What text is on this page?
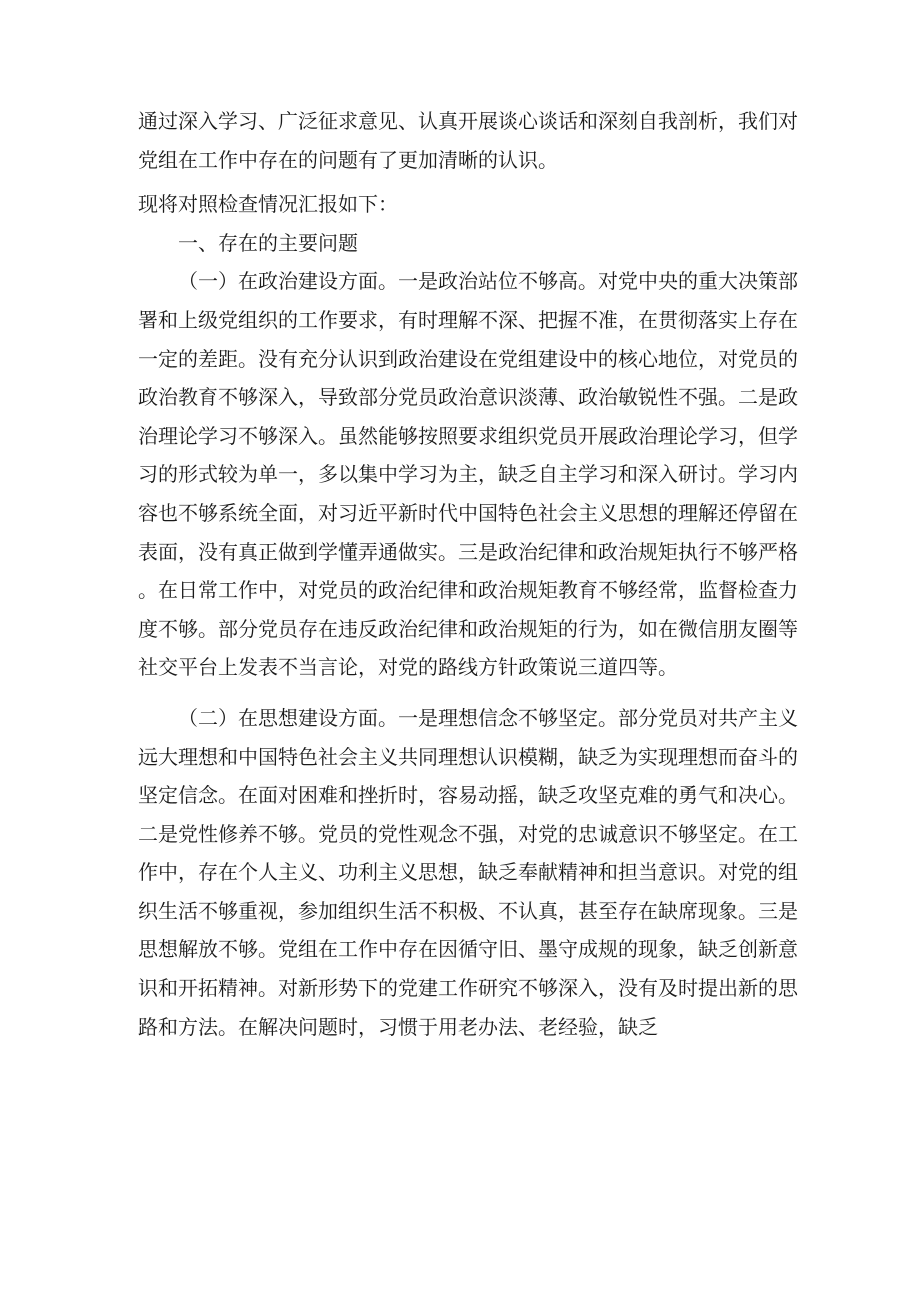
通过深入学习、广泛征求意见、认真开展谈心谈话和深刻自我剖析，我们对党组在工作中存在的问题有了更加清晰的认识。

现将对照检查情况汇报如下：

一、存在的主要问题

（一）在政治建设方面。一是政治站位不够高。对党中央的重大决策部署和上级党组织的工作要求，有时理解不深、把握不准，在贯彻落实上存在一定的差距。没有充分认识到政治建设在党组建设中的核心地位，对党员的政治教育不够深入，导致部分党员政治意识淡薄、政治敏锐性不强。二是政治理论学习不够深入。虽然能够按照要求组织党员开展政治理论学习，但学习的形式较为单一，多以集中学习为主，缺乏自主学习和深入研讨。学习内容也不够系统全面，对习近平新时代中国特色社会主义思想的理解还停留在表面，没有真正做到学懂弄通做实。三是政治纪律和政治规矩执行不够严格。在日常工作中，对党员的政治纪律和政治规矩教育不够经常，监督检查力度不够。部分党员存在违反政治纪律和政治规矩的行为，如在微信朋友圈等社交平台上发表不当言论，对党的路线方针政策说三道四等。

（二）在思想建设方面。一是理想信念不够坚定。部分党员对共产主义远大理想和中国特色社会主义共同理想认识模糊，缺乏为实现理想而奋斗的坚定信念。在面对困难和挫折时，容易动摇，缺乏攻坚克难的勇气和决心。二是党性修养不够。党员的党性观念不强，对党的忠诚意识不够坚定。在工作中，存在个人主义、功利主义思想，缺乏奉献精神和担当意识。对党的组织生活不够重视，参加组织生活不积极、不认真，甚至存在缺席现象。三是思想解放不够。党组在工作中存在因循守旧、墨守成规的现象，缺乏创新意识和开拓精神。对新形势下的党建工作研究不够深入，没有及时提出新的思路和方法。在解决问题时，习惯于用老办法、老经验，缺乏
